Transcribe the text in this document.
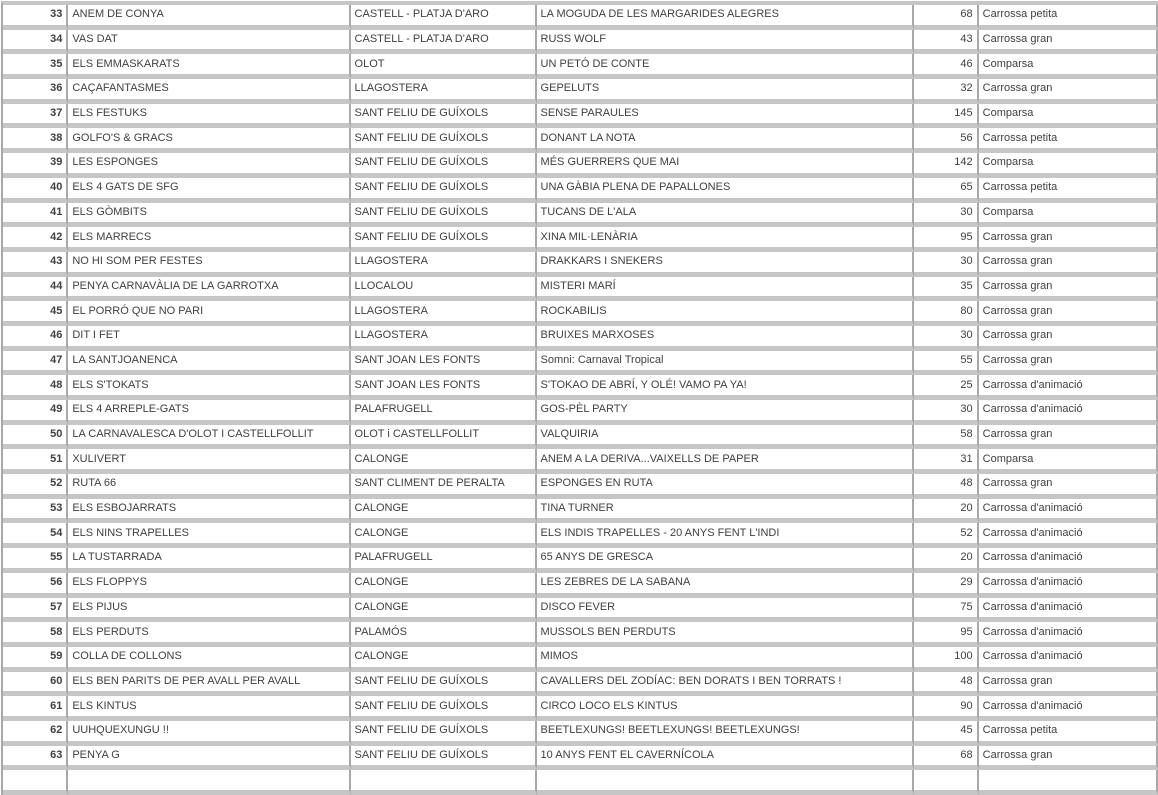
33	ANEM DE CONYA	CASTELL - PLATJA D'ARO	LA MOGUDA DE LES MARGARIDES ALEGRES	68	Carrossa petita
34	VAS DAT	CASTELL - PLATJA D'ARO	RUSS WOLF	43	Carrossa gran
35	ELS EMMASKARATS	OLOT	UN PETÓ DE CONTE	46	Comparsa
36	CAÇAFANTASMES	LLAGOSTERA	GEPELUTS	32	Carrossa gran
37	ELS FESTUKS	SANT FELIU DE GUÍXOLS	SENSE PARAULES	145	Comparsa
38	GOLFO'S & GRACS	SANT FELIU DE GUÍXOLS	DONANT LA NOTA	56	Carrossa petita
39	LES ESPONGES	SANT FELIU DE GUÍXOLS	MÉS GUERRERS QUE MAI	142	Comparsa
40	ELS 4 GATS DE SFG	SANT FELIU DE GUÍXOLS	UNA GÀBIA PLENA DE PAPALLONES	65	Carrossa petita
41	ELS GÒMBITS	SANT FELIU DE GUÍXOLS	TUCANS DE L'ALA	30	Comparsa
42	ELS MARRECS	SANT FELIU DE GUÍXOLS	XINA MIL·LENÀRIA	95	Carrossa gran
43	NO HI SOM PER FESTES	LLAGOSTERA	DRAKKARS I SNEKERS	30	Carrossa gran
44	PENYA CARNAVÀLIA DE LA GARROTXA	LLOCALOU	MISTERI MARÍ	35	Carrossa gran
45	EL PORRÓ QUE NO PARI	LLAGOSTERA	ROCKABILIS	80	Carrossa gran
46	DIT I FET	LLAGOSTERA	BRUIXES MARXOSES	30	Carrossa gran
47	LA SANTJOANENCA	SANT JOAN LES FONTS	Somni: Carnaval Tropical	55	Carrossa gran
48	ELS S'TOKATS	SANT JOAN LES FONTS	S'TOKAO DE ABRÍ, Y OLÉ! VAMO PA YA!	25	Carrossa d'animació
49	ELS 4 ARREPLE-GATS	PALAFRUGELL	GOS-PÈL PARTY	30	Carrossa d'animació
50	LA CARNAVALESCA D'OLOT I CASTELLFOLLIT	OLOT i CASTELLFOLLIT	VALQUIRIA	58	Carrossa gran
51	XULIVERT	CALONGE	ANEM A LA DERIVA...VAIXELLS DE PAPER	31	Comparsa
52	RUTA 66	SANT CLIMENT DE PERALTA	ESPONGES EN RUTA	48	Carrossa gran
53	ELS ESBOJARRATS	CALONGE	TINA TURNER	20	Carrossa d'animació
54	ELS NINS TRAPELLES	CALONGE	ELS INDIS TRAPELLES - 20 ANYS FENT L'INDI	52	Carrossa d'animació
55	LA TUSTARRADA	PALAFRUGELL	65 ANYS DE GRESCA	20	Carrossa d'animació
56	ELS FLOPPYS	CALONGE	LES ZEBRES DE LA SABANA	29	Carrossa d'animació
57	ELS PIJUS	CALONGE	DISCO FEVER	75	Carrossa d'animació
58	ELS PERDUTS	PALAMÓS	MUSSOLS BEN PERDUTS	95	Carrossa d'animació
59	COLLA DE COLLONS	CALONGE	MIMOS	100	Carrossa d'animació
60	ELS BEN PARITS DE PER AVALL PER AVALL	SANT FELIU DE GUÍXOLS	CAVALLERS DEL ZODÍAC: BEN DORATS I BEN TORRATS !	48	Carrossa gran
61	ELS KINTUS	SANT FELIU DE GUÍXOLS	CIRCO LOCO ELS KINTUS	90	Carrossa d'animació
62	UUHQUEXUNGU !!	SANT FELIU DE GUÍXOLS	BEETLEXUNGS! BEETLEXUNGS! BEETLEXUNGS!	45	Carrossa petita
63	PENYA G	SANT FELIU DE GUÍXOLS	10 ANYS FENT EL CAVERNÍCOLA	68	Carrossa gran
